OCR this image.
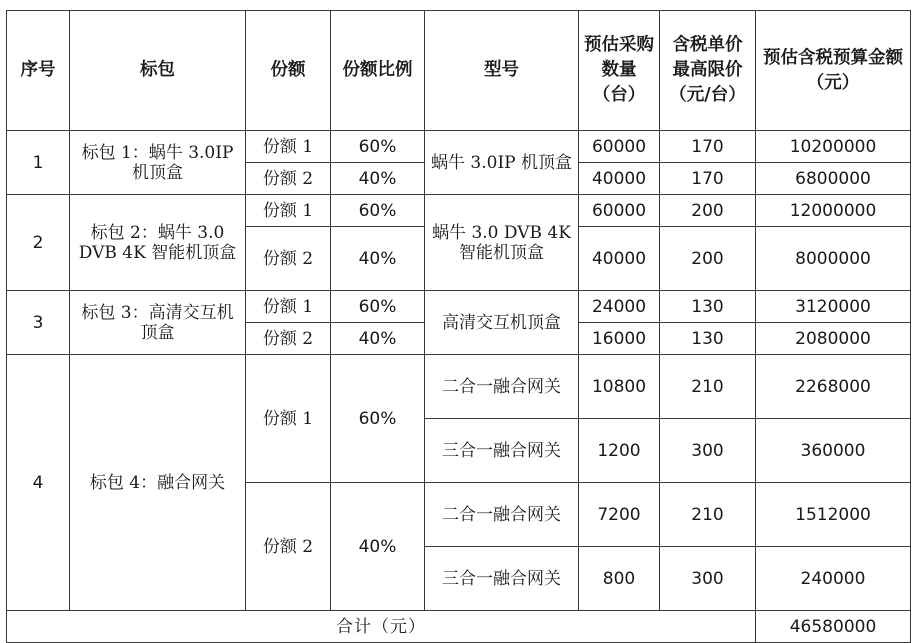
序号	标包	份额	份额比例	型号	预估采购数量（台）	含税单价最高限价（元/台）	预估含税预算金额（元）
1	标包 1：蜗牛 3.0IP 机顶盒	份额 1	60%	蜗牛 3.0IP 机顶盒	60000	170	10200000
		份额 2	40%		40000	170	6800000
2	标包 2：蜗牛 3.0 DVB 4K 智能机顶盒	份额 1	60%	蜗牛 3.0 DVB 4K 智能机顶盒	60000	200	12000000
		份额 2	40%		40000	200	8000000
3	标包 3：高清交互机顶盒	份额 1	60%	高清交互机顶盒	24000	130	3120000
		份额 2	40%		16000	130	2080000
4	标包 4：融合网关	份额 1	60%	二合一融合网关	10800	210	2268000
				三合一融合网关	1200	300	360000
		份额 2	40%	二合一融合网关	7200	210	1512000
				三合一融合网关	800	300	240000
合计（元）							46580000
